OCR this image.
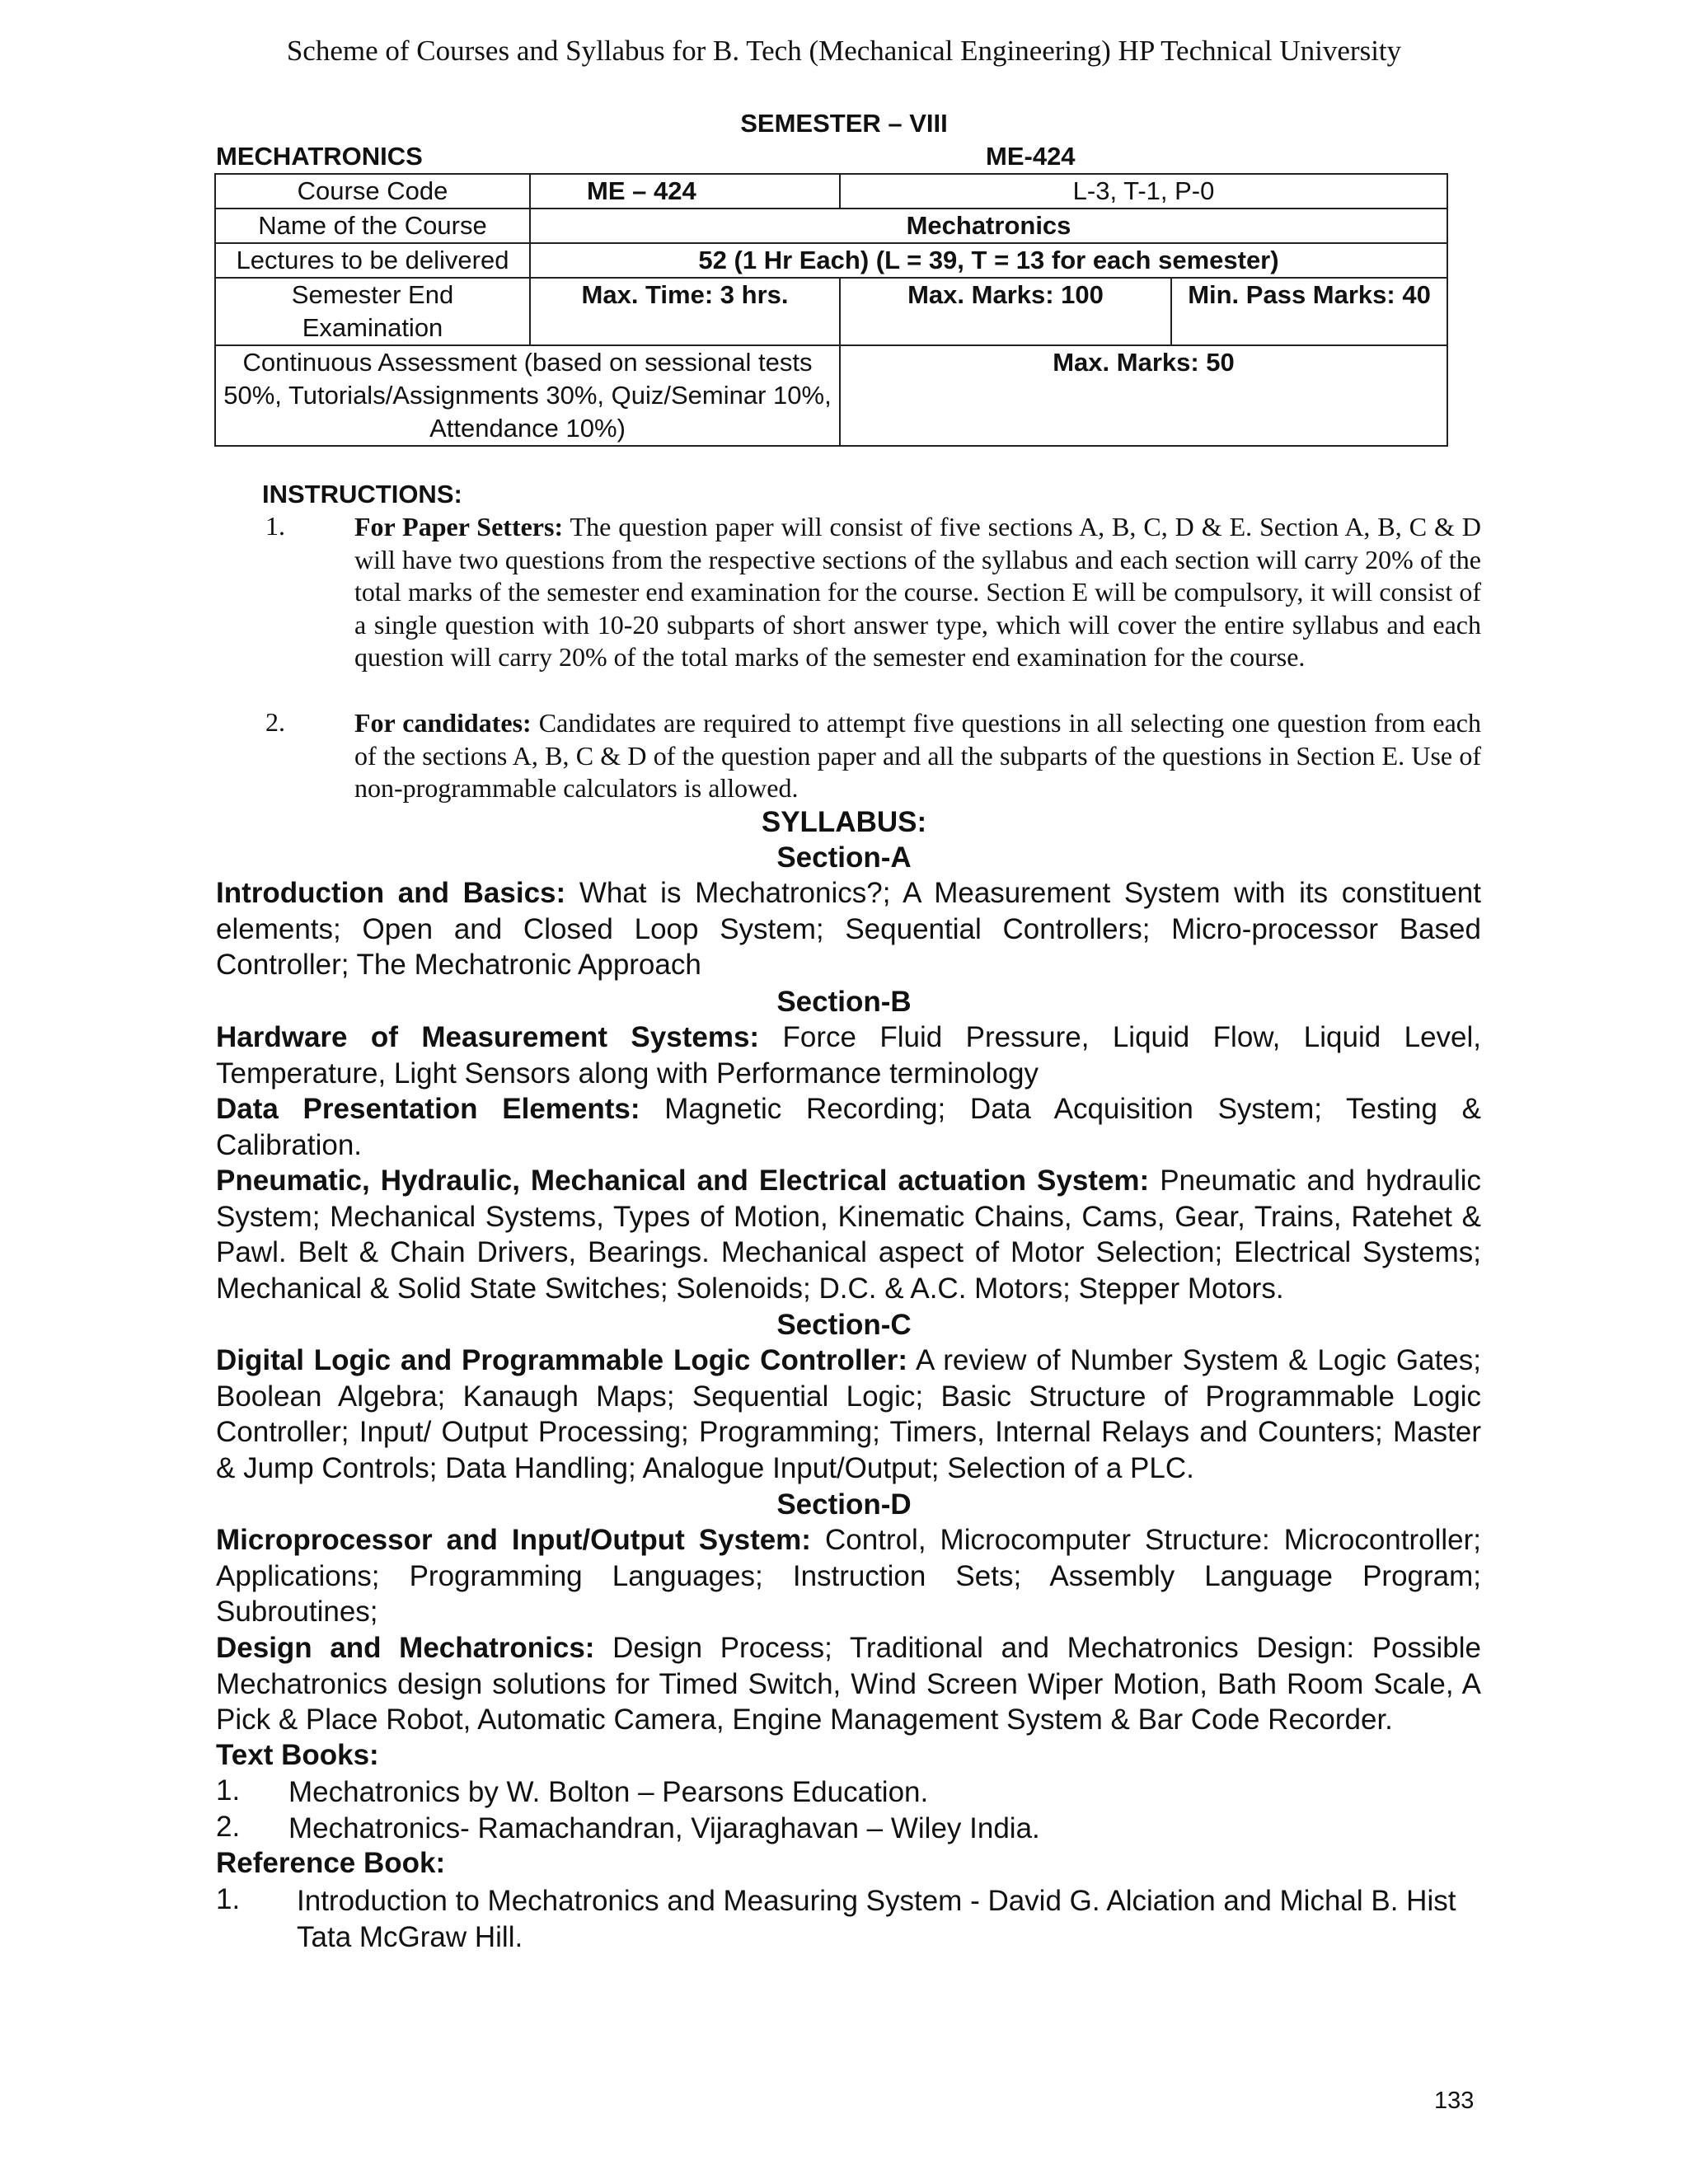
Scheme of Courses and Syllabus for B. Tech (Mechanical Engineering) HP Technical University
SEMESTER – VIII
MECHATRONICS	ME-424
Course Code	ME – 424	L-3, T-1, P-0	
Name of the Course	Mechatronics		
Lectures to be delivered	52 (1 Hr Each) (L = 39, T = 13 for each semester)		
Semester End Examination	Max. Time: 3 hrs.	Max. Marks: 100	Min. Pass Marks: 40
Continuous Assessment (based on sessional tests 50%, Tutorials/Assignments 30%, Quiz/Seminar 10%, Attendance 10%)		Max. Marks: 50	
INSTRUCTIONS:
1.	For Paper Setters: The question paper will consist of five sections A, B, C, D & E. Section A, B, C & D will have two questions from the respective sections of the syllabus and each section will carry 20% of the total marks of the semester end examination for the course. Section E will be compulsory, it will consist of a single question with 10-20 subparts of short answer type, which will cover the entire syllabus and each question will carry 20% of the total marks of the semester end examination for the course.
2.	For candidates: Candidates are required to attempt five questions in all selecting one question from each of the sections A, B, C & D of the question paper and all the subparts of the questions in Section E. Use of non-programmable calculators is allowed.
SYLLABUS:
Section-A
Introduction and Basics: What is Mechatronics?; A Measurement System with its constituent elements; Open and Closed Loop System; Sequential Controllers; Micro-processor Based Controller; The Mechatronic Approach
Section-B
Hardware of Measurement Systems: Force Fluid Pressure, Liquid Flow, Liquid Level, Temperature, Light Sensors along with Performance terminology
Data Presentation Elements: Magnetic Recording; Data Acquisition System; Testing & Calibration.
Pneumatic, Hydraulic, Mechanical and Electrical actuation System: Pneumatic and hydraulic System; Mechanical Systems, Types of Motion, Kinematic Chains, Cams, Gear, Trains, Ratehet & Pawl. Belt & Chain Drivers, Bearings. Mechanical aspect of Motor Selection; Electrical Systems; Mechanical & Solid State Switches; Solenoids; D.C. & A.C. Motors; Stepper Motors.
Section-C
Digital Logic and Programmable Logic Controller: A review of Number System & Logic Gates; Boolean Algebra; Kanaugh Maps; Sequential Logic; Basic Structure of Programmable Logic Controller; Input/ Output Processing; Programming; Timers, Internal Relays and Counters; Master & Jump Controls; Data Handling; Analogue Input/Output; Selection of a PLC.
Section-D
Microprocessor and Input/Output System: Control, Microcomputer Structure: Microcontroller; Applications; Programming Languages; Instruction Sets; Assembly Language Program; Subroutines;
Design and Mechatronics: Design Process; Traditional and Mechatronics Design: Possible Mechatronics design solutions for Timed Switch, Wind Screen Wiper Motion, Bath Room Scale, A Pick & Place Robot, Automatic Camera, Engine Management System & Bar Code Recorder.
Text Books:
1. Mechatronics by W. Bolton – Pearsons Education.
2. Mechatronics- Ramachandran, Vijaraghavan – Wiley India.
Reference Book:
1. Introduction to Mechatronics and Measuring System - David G. Alciation and Michal B. Hist Tata McGraw Hill.
133
